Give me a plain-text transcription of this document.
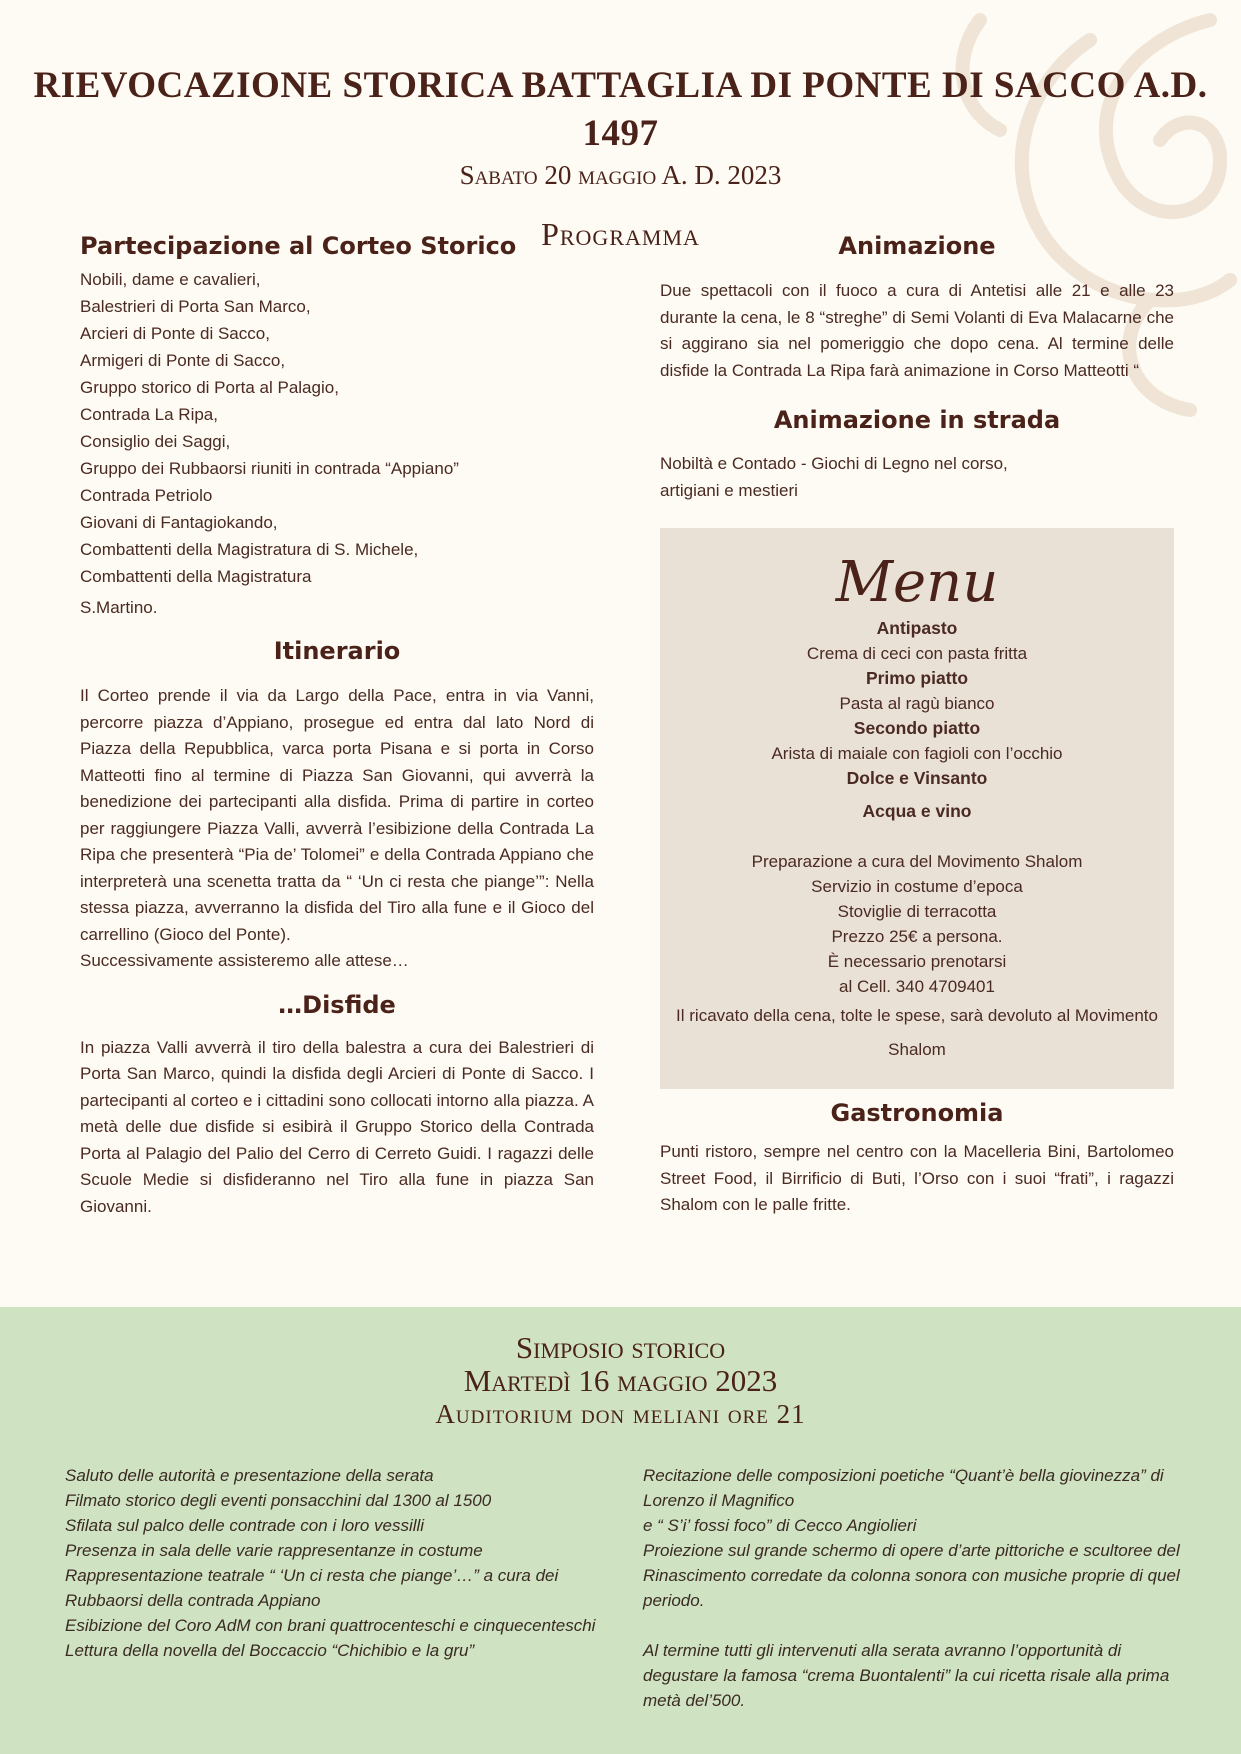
RIEVOCAZIONE STORICA BATTAGLIA DI PONTE DI SACCO A.D. 1497
Sabato 20 maggio A. D. 2023
Programma
Partecipazione al Corteo Storico
Nobili, dame e cavalieri,
Balestrieri di Porta San Marco,
Arcieri di Ponte di Sacco,
Armigeri di Ponte di Sacco,
Gruppo storico di Porta al Palagio,
Contrada La Ripa,
Consiglio dei Saggi,
Gruppo dei Rubbaorsi riuniti in contrada “Appiano”
Contrada Petriolo
Giovani di Fantagiokando,
Combattenti della Magistratura di S. Michele,
Combattenti della Magistratura
S.Martino.
Itinerario

Il Corteo prende il via da Largo della Pace, entra in via Vanni, percorre piazza d’Appiano, prosegue ed entra dal lato Nord di Piazza della Repubblica, varca porta Pisana e si porta in Corso Matteotti fino al termine di Piazza San Giovanni, qui avverrà la benedizione dei partecipanti alla disfida. Prima di partire in corteo per raggiungere Piazza Valli, avverrà l’esibizione della Contrada La Ripa che presenterà “Pia de’ Tolomei” e della Contrada Appiano che interpreterà una scenetta tratta da “ ‘Un ci resta che piange’”: Nella stessa piazza, avverranno la disfida del Tiro alla fune e il Gioco del carrellino (Gioco del Ponte).

Successivamente assisteremo alle attese…

…Disfide

In piazza Valli avverrà il tiro della balestra a cura dei Balestrieri di Porta San Marco, quindi la disfida degli Arcieri di Ponte di Sacco. I partecipanti al corteo e i cittadini sono collocati intorno alla piazza. A metà delle due disfide si esibirà il Gruppo Storico della Contrada Porta al Palagio del Palio del Cerro di Cerreto Guidi. I ragazzi delle Scuole Medie si disfideranno nel Tiro alla fune in piazza San Giovanni.

Animazione

Due spettacoli con il fuoco a cura di Antetisi alle 21 e alle 23 durante la cena, le 8 “streghe” di Semi Volanti di Eva Malacarne che si aggirano sia nel pomeriggio che dopo cena. Al termine delle disfide la Contrada La Ripa farà animazione in Corso Matteotti “

Animazione in strada
Nobiltà e Contado - Giochi di Legno nel corso,
artigiani e mestieri
Menu
Antipasto
Crema di ceci con pasta fritta
Primo piatto
Pasta al ragù bianco
Secondo piatto
Arista di maiale con fagioli con l’occhio
Dolce e Vinsanto
Acqua e vino
Preparazione a cura del Movimento Shalom
Servizio in costume d’epoca
Stoviglie di terracotta
Prezzo 25€ a persona.
È necessario prenotarsi
al Cell. 340 4709401
Il ricavato della cena, tolte le spese, sarà devoluto al Movimento Shalom
Gastronomia

Punti ristoro, sempre nel centro con la Macelleria Bini, Bartolomeo Street Food, il Birrificio di Buti, l’Orso con i suoi “frati”, i ragazzi Shalom con le palle fritte.

Simposio storico
Martedì 16 maggio 2023
Auditorium don meliani ore 21
Saluto delle autorità e presentazione della serata
Filmato storico degli eventi ponsacchini dal 1300 al 1500
Sfilata sul palco delle contrade con i loro vessilli
Presenza in sala delle varie rappresentanze in costume
Rappresentazione teatrale “ ‘Un ci resta che piange’…” a cura dei Rubbaorsi della contrada Appiano
Esibizione del Coro AdM con brani quattrocenteschi e cinquecenteschi
Lettura della novella del Boccaccio “Chichibio e la gru”
Recitazione delle composizioni poetiche “Quant’è bella giovinezza” di Lorenzo il Magnifico
e “ S’i’ fossi foco” di Cecco Angiolieri
Proiezione sul grande schermo di opere d’arte pittoriche e scultoree del Rinascimento corredate da colonna sonora con musiche proprie di quel periodo.
Al termine tutti gli intervenuti alla serata avranno l’opportunità di degustare la famosa “crema Buontalenti” la cui ricetta risale alla prima metà del’500.
